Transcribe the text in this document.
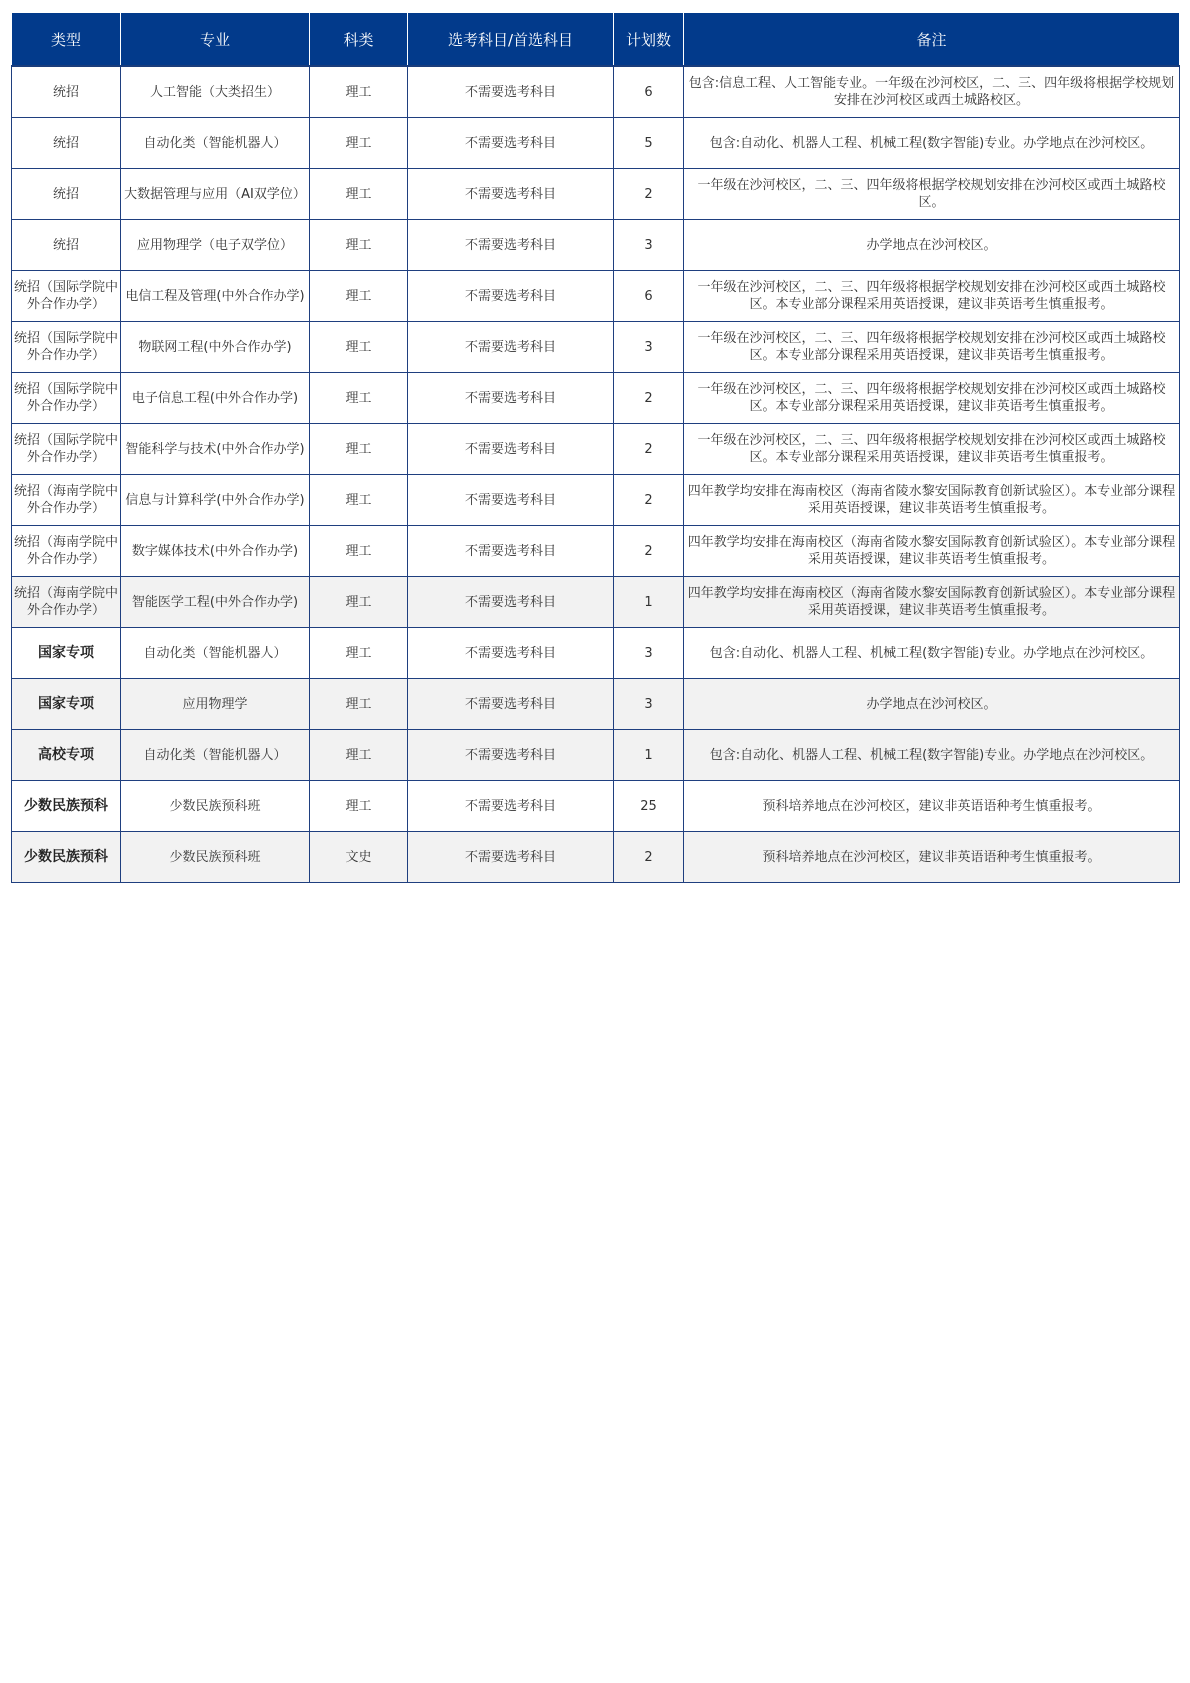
类型	专业	科类	选考科目/首选科目	计划数	备注
统招	人工智能（大类招生）	理工	不需要选考科目	6	包含:信息工程、人工智能专业。一年级在沙河校区，二、三、四年级将根据学校规划安排在沙河校区或西土城路校区。
统招	自动化类（智能机器人）	理工	不需要选考科目	5	包含:自动化、机器人工程、机械工程(数字智能)专业。办学地点在沙河校区。
统招	大数据管理与应用（AI双学位）	理工	不需要选考科目	2	一年级在沙河校区，二、三、四年级将根据学校规划安排在沙河校区或西土城路校区。
统招	应用物理学（电子双学位）	理工	不需要选考科目	3	办学地点在沙河校区。
统招（国际学院中外合作办学）	电信工程及管理(中外合作办学)	理工	不需要选考科目	6	一年级在沙河校区，二、三、四年级将根据学校规划安排在沙河校区或西土城路校区。本专业部分课程采用英语授课，建议非英语考生慎重报考。
统招（国际学院中外合作办学）	物联网工程(中外合作办学)	理工	不需要选考科目	3	一年级在沙河校区，二、三、四年级将根据学校规划安排在沙河校区或西土城路校区。本专业部分课程采用英语授课，建议非英语考生慎重报考。
统招（国际学院中外合作办学）	电子信息工程(中外合作办学)	理工	不需要选考科目	2	一年级在沙河校区，二、三、四年级将根据学校规划安排在沙河校区或西土城路校区。本专业部分课程采用英语授课，建议非英语考生慎重报考。
统招（国际学院中外合作办学）	智能科学与技术(中外合作办学)	理工	不需要选考科目	2	一年级在沙河校区，二、三、四年级将根据学校规划安排在沙河校区或西土城路校区。本专业部分课程采用英语授课，建议非英语考生慎重报考。
统招（海南学院中外合作办学）	信息与计算科学(中外合作办学)	理工	不需要选考科目	2	四年教学均安排在海南校区（海南省陵水黎安国际教育创新试验区）。本专业部分课程采用英语授课，建议非英语考生慎重报考。
统招（海南学院中外合作办学）	数字媒体技术(中外合作办学)	理工	不需要选考科目	2	四年教学均安排在海南校区（海南省陵水黎安国际教育创新试验区）。本专业部分课程采用英语授课，建议非英语考生慎重报考。
统招（海南学院中外合作办学）	智能医学工程(中外合作办学)	理工	不需要选考科目	1	四年教学均安排在海南校区（海南省陵水黎安国际教育创新试验区）。本专业部分课程采用英语授课，建议非英语考生慎重报考。
国家专项	自动化类（智能机器人）	理工	不需要选考科目	3	包含:自动化、机器人工程、机械工程(数字智能)专业。办学地点在沙河校区。
国家专项	应用物理学	理工	不需要选考科目	3	办学地点在沙河校区。
高校专项	自动化类（智能机器人）	理工	不需要选考科目	1	包含:自动化、机器人工程、机械工程(数字智能)专业。办学地点在沙河校区。
少数民族预科	少数民族预科班	理工	不需要选考科目	25	预科培养地点在沙河校区，建议非英语语种考生慎重报考。
少数民族预科	少数民族预科班	文史	不需要选考科目	2	预科培养地点在沙河校区，建议非英语语种考生慎重报考。
